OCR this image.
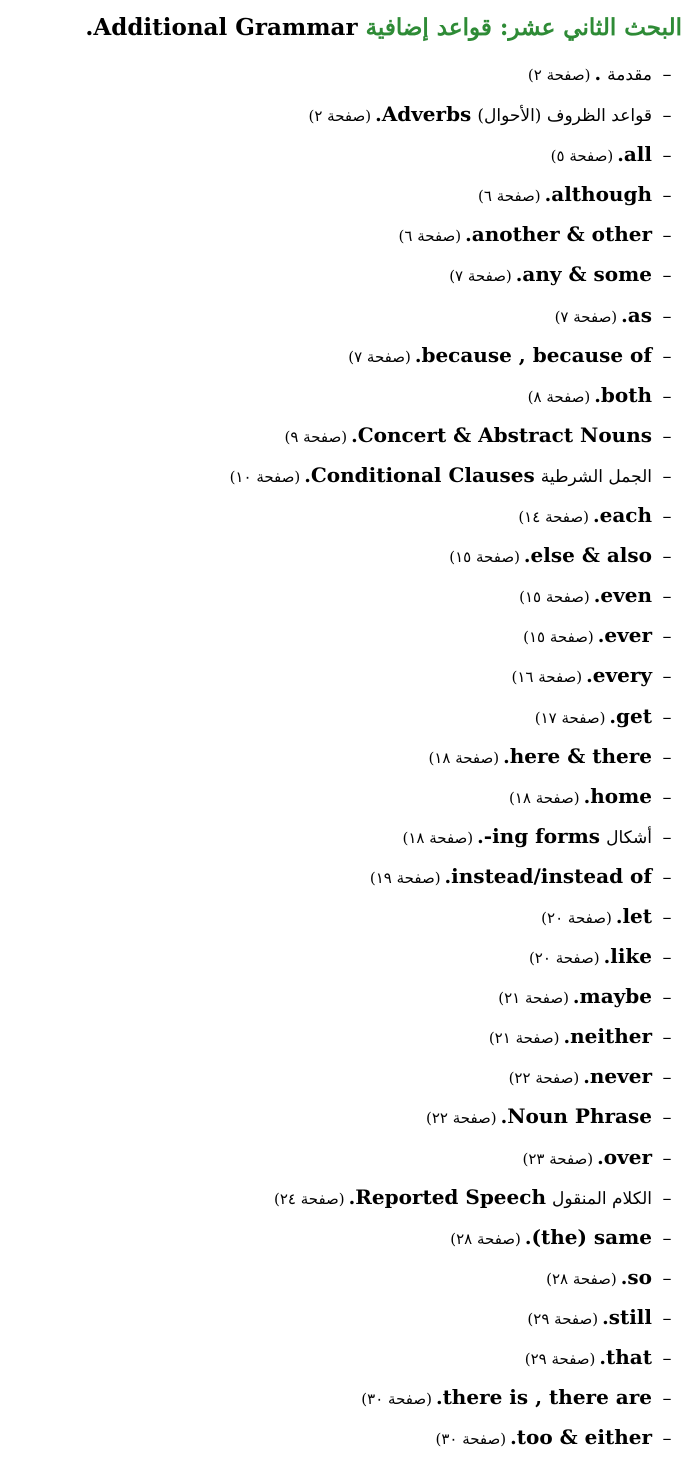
البحث الثاني عشر: قواعد إضافية Additional Grammar.
–مقدمة .(صفحة ٢)
–قواعد الظروف (الأحوال) Adverbs.(صفحة ٢)
–all.(صفحة ٥)
–although.(صفحة ٦)
–another & other.(صفحة ٦)
–any & some.(صفحة ٧)
–as.(صفحة ٧)
–because , because of.(صفحة ٧)
–both.(صفحة ٨)
–Concert & Abstract Nouns.(صفحة ٩)
–الجمل الشرطية Conditional Clauses.(صفحة ١٠)
–each.(صفحة ١٤)
–else & also.(صفحة ١٥)
–even.(صفحة ١٥)
–ever.(صفحة ١٥)
–every.(صفحة ١٦)
–get.(صفحة ١٧)
–here & there.(صفحة ١٨)
–home.(صفحة ١٨)
–أشكال -ing forms.(صفحة ١٨)
–instead/instead of.(صفحة ١٩)
–let.(صفحة ٢٠)
–like.(صفحة ٢٠)
–maybe.(صفحة ٢١)
–neither.(صفحة ٢١)
–never.(صفحة ٢٢)
–Noun Phrase.(صفحة ٢٢)
–over.(صفحة ٢٣)
–الكلام المنقول Reported Speech.(صفحة ٢٤)
–(the) same.(صفحة ٢٨)
–so.(صفحة ٢٨)
–still.(صفحة ٢٩)
–that.(صفحة ٢٩)
–there is , there are.(صفحة ٣٠)
–too & either.(صفحة ٣٠)
